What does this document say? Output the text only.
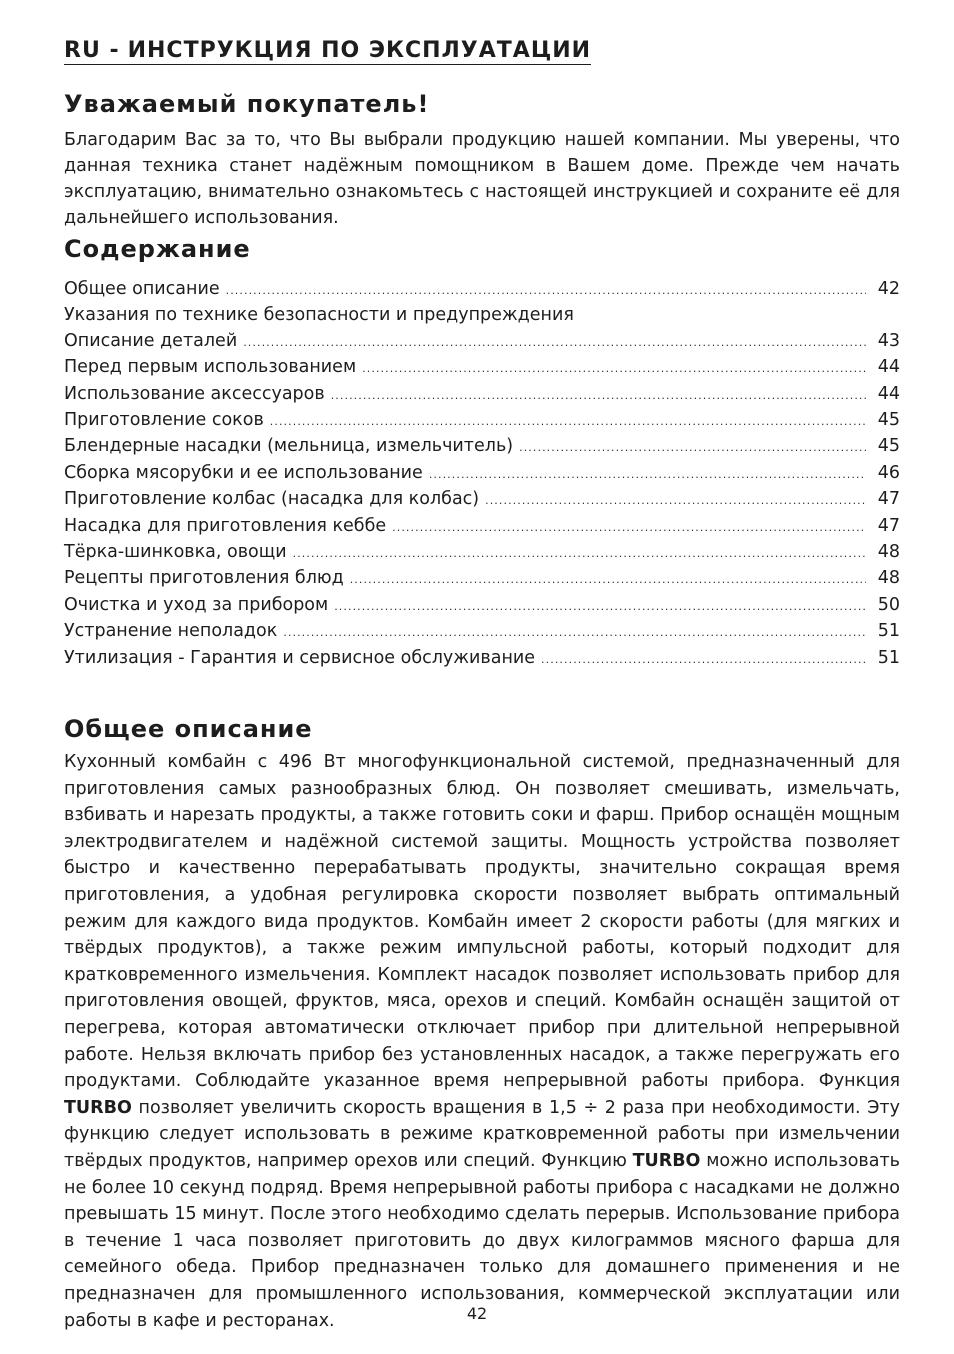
RU - ИНСТРУКЦИЯ ПО ЭКСПЛУАТАЦИИ
Уважаемый покупатель!

Благодарим Вас за то, что Вы выбрали продукцию нашей компании. Мы уверены, что данная техника станет надёжным помощником в Вашем доме. Прежде чем начать эксплуатацию, внимательно ознакомьтесь с настоящей инструкцией и сохраните её для дальнейшего использования.

Cодержание
Общее описание . . .	42
Указания по технике безопасности и предупреждения
Описание деталей . . .	43
Перед первым использованием . . .	44
Использование аксессуаров . . .	44
Приготовление соков . . .	45
Блендерные насадки (мельница, измельчитель) . . .	45
Сборка мясорубки и ee использование . . .	46
Приготовление колбас (насадка для колбас) . . .	47
Насадка для приготовления кеббе . . .	47
Тёрка-шинковка, овощи . . .	48
Рецепты приготовления блюд . . .	48
Очистка и уход за прибором . . .	50
Устранение неполадок . . .	51
Утилизация - Гарантия и сервисное обслуживание . . .	51
Общее описание

Кухонный комбайн с 496 Вт многофункциональной системой, предназначенный для приготовления самых разнообразных блюд. Он позволяет смешивать, измельчать, взбивать и нарезать продукты, а также готовить соки и фарш. Прибор оснащён мощным электродвигателем и надёжной системой защиты. Мощность устройства позволяет быстро и качественно перерабатывать продукты, значительно сокращая время приготовления, а удобная регулировка скорости позволяет выбрать оптимальный режим для каждого вида продуктов. Комбайн имеет 2 скорости работы (для мягких и твёрдых продуктов), а также режим импульсной работы, который подходит для кратковременного измельчения. Комплект насадок позволяет использовать прибор для приготовления овощей, фруктов, мяса, орехов и специй. Комбайн оснащён защитой от перегрева, которая автоматически отключает прибор при длительной непрерывной работе. Нельзя включать прибор без установленных насадок, а также перегружать его продуктами. Соблюдайте указанное время непрерывной работы прибора. Функция TURBO позволяет увеличить скорость вращения в 1,5 ÷ 2 раза при необходимости. Эту функцию следует использовать в режиме кратковременной работы при измельчении твёрдых продуктов, например орехов или специй. Функцию TURBO можно использовать не более 10 секунд подряд. Время непрерывной работы прибора с насадками не должно превышать 15 минут. После этого необходимо сделать перерыв. Использование прибора в течение 1 часа позволяет приготовить до двух килограммов мясного фарша для семейного обеда. Прибор предназначен только для домашнего применения и не предназначен для промышленного использования, коммерческой эксплуатации или работы в кафе и ресторанах.	42
